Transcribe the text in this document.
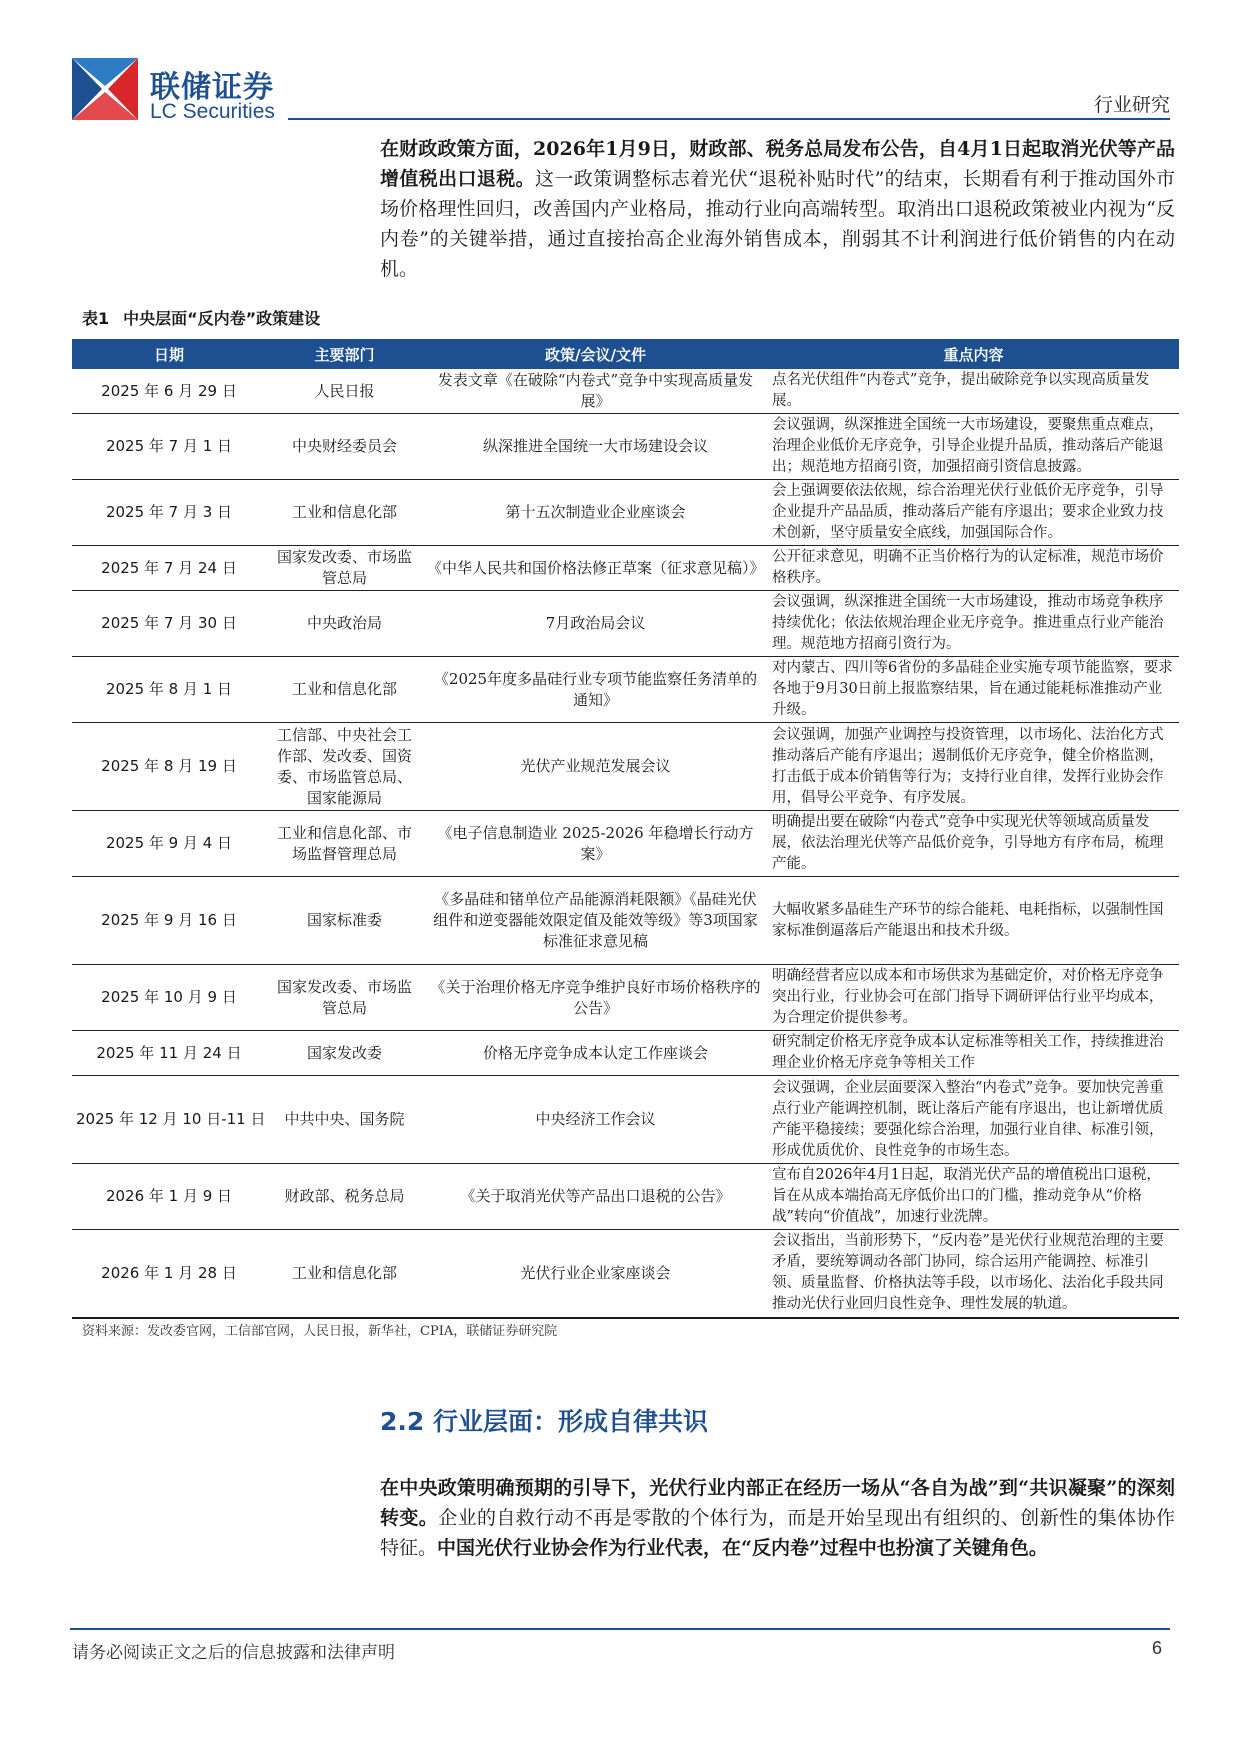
联储证券
LC Securities	行业研究

在财政政策方面，2026年1月9日，财政部、税务总局发布公告，自4月1日起取消光伏等产品增值税出口退税。这一政策调整标志着光伏“退税补贴时代”的结束，长期看有利于推动国外市场价格理性回归，改善国内产业格局，推动行业向高端转型。取消出口退税政策被业内视为“反内卷”的关键举措，通过直接抬高企业海外销售成本，削弱其不计利润进行低价销售的内在动机。

表1 中央层面“反内卷”政策建设
日期	主要部门	政策/会议/文件	重点内容
2025 年 6 月 29 日	人民日报	发表文章《在破除“内卷式”竞争中实现高质量发展》	点名光伏组件“内卷式”竞争，提出破除竞争以实现高质量发展。
2025 年 7 月 1 日	中央财经委员会	纵深推进全国统一大市场建设会议	会议强调，纵深推进全国统一大市场建设，要聚焦重点难点，治理企业低价无序竞争，引导企业提升品质，推动落后产能退出；规范地方招商引资，加强招商引资信息披露。
2025 年 7 月 3 日	工业和信息化部	第十五次制造业企业座谈会	会上强调要依法依规，综合治理光伏行业低价无序竞争，引导企业提升产品品质，推动落后产能有序退出；要求企业致力技术创新，坚守质量安全底线，加强国际合作。
2025 年 7 月 24 日	国家发改委、市场监管总局	《中华人民共和国价格法修正草案（征求意见稿）》	公开征求意见，明确不正当价格行为的认定标准，规范市场价格秩序。
2025 年 7 月 30 日	中央政治局	7月政治局会议	会议强调，纵深推进全国统一大市场建设，推动市场竞争秩序持续优化；依法依规治理企业无序竞争。推进重点行业产能治理。规范地方招商引资行为。
2025 年 8 月 1 日	工业和信息化部	《2025年度多晶硅行业专项节能监察任务清单的通知》	对内蒙古、四川等6省份的多晶硅企业实施专项节能监察，要求各地于9月30日前上报监察结果，旨在通过能耗标准推动产业升级。
2025 年 8 月 19 日	工信部、中央社会工作部、发改委、国资委、市场监管总局、国家能源局	光伏产业规范发展会议	会议强调，加强产业调控与投资管理，以市场化、法治化方式推动落后产能有序退出；遏制低价无序竞争，健全价格监测，打击低于成本价销售等行为；支持行业自律，发挥行业协会作用，倡导公平竞争、有序发展。
2025 年 9 月 4 日	工业和信息化部、市场监督管理总局	《电子信息制造业 2025-2026 年稳增长行动方案》	明确提出要在破除“内卷式”竞争中实现光伏等领域高质量发展，依法治理光伏等产品低价竞争，引导地方有序布局，梳理产能。
2025 年 9 月 16 日	国家标准委	《多晶硅和锗单位产品能源消耗限额》《晶硅光伏组件和逆变器能效限定值及能效等级》等3项国家标准征求意见稿	大幅收紧多晶硅生产环节的综合能耗、电耗指标，以强制性国家标准倒逼落后产能退出和技术升级。
2025 年 10 月 9 日	国家发改委、市场监管总局	《关于治理价格无序竞争维护良好市场价格秩序的公告》	明确经营者应以成本和市场供求为基础定价，对价格无序竞争突出行业，行业协会可在部门指导下调研评估行业平均成本，为合理定价提供参考。
2025 年 11 月 24 日	国家发改委	价格无序竞争成本认定工作座谈会	研究制定价格无序竞争成本认定标准等相关工作，持续推进治理企业价格无序竞争等相关工作
2025 年 12 月 10 日-11 日	中共中央、国务院	中央经济工作会议	会议强调，企业层面要深入整治“内卷式”竞争。要加快完善重点行业产能调控机制，既让落后产能有序退出，也让新增优质产能平稳接续；要强化综合治理，加强行业自律、标准引领，形成优质优价、良性竞争的市场生态。
2026 年 1 月 9 日	财政部、税务总局	《关于取消光伏等产品出口退税的公告》	宣布自2026年4月1日起，取消光伏产品的增值税出口退税，旨在从成本端抬高无序低价出口的门槛，推动竞争从“价格战”转向“价值战”，加速行业洗牌。
2026 年 1 月 28 日	工业和信息化部	光伏行业企业家座谈会	会议指出，当前形势下，“反内卷”是光伏行业规范治理的主要矛盾，要统筹调动各部门协同，综合运用产能调控、标准引领、质量监督、价格执法等手段，以市场化、法治化手段共同推动光伏行业回归良性竞争、理性发展的轨道。
资料来源：发改委官网，工信部官网，人民日报，新华社，CPIA，联储证券研究院
2.2 行业层面：形成自律共识

在中央政策明确预期的引导下，光伏行业内部正在经历一场从“各自为战”到“共识凝聚”的深刻转变。企业的自救行动不再是零散的个体行为，而是开始呈现出有组织的、创新性的集体协作特征。中国光伏行业协会作为行业代表，在“反内卷”过程中也扮演了关键角色。

请务必阅读正文之后的信息披露和法律声明	6
